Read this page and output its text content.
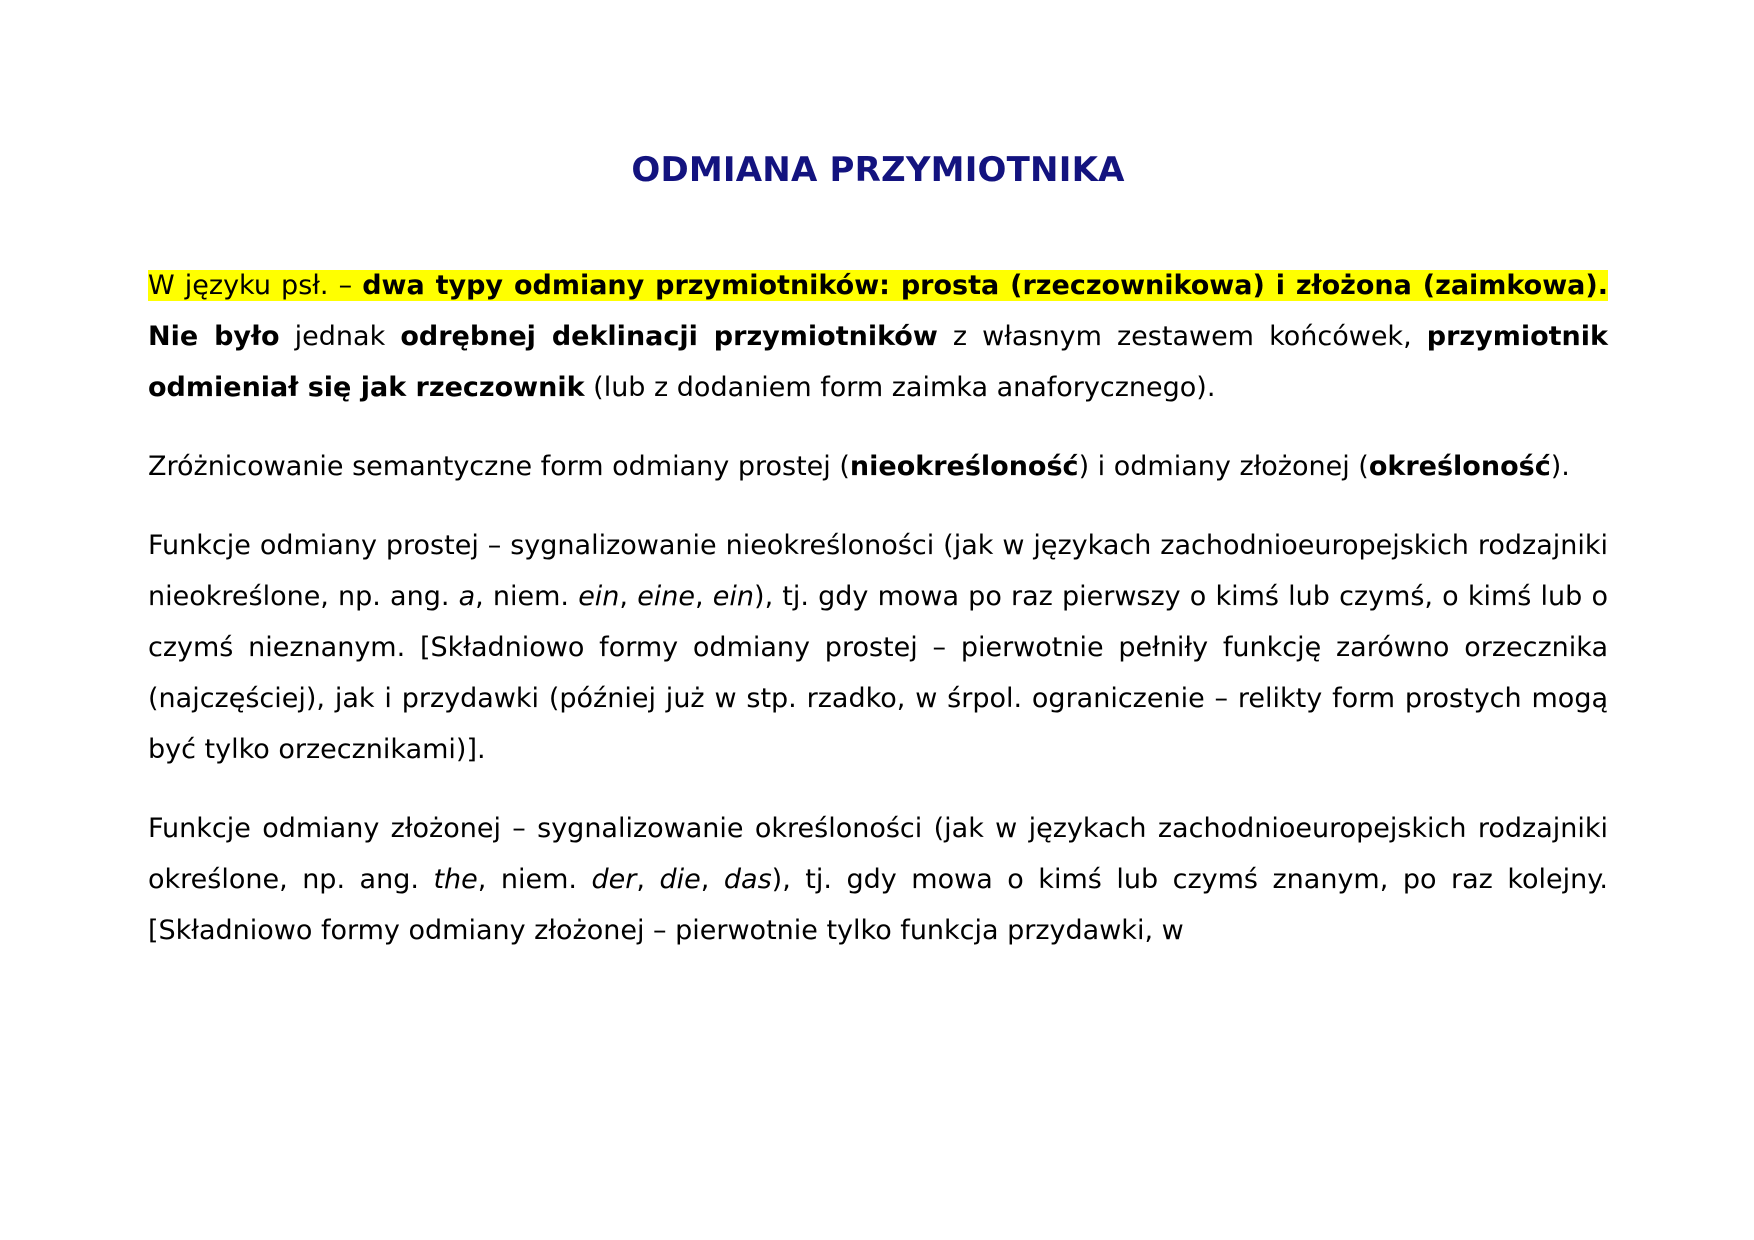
ODMIANA PRZYMIOTNIKA

W języku psł. – dwa typy odmiany przymiotników: prosta (rzeczownikowa) i złożona (zaimkowa). Nie było jednak odrębnej deklinacji przymiotników z własnym zestawem końcówek, przymiotnik odmieniał się jak rzeczownik (lub z dodaniem form zaimka anaforycznego).

Zróżnicowanie semantyczne form odmiany prostej (nieokreśloność) i odmiany złożonej (określoność).

Funkcje odmiany prostej – sygnalizowanie nieokreśloności (jak w językach zachodnioeuropejskich rodzajniki nieokreślone, np. ang. a, niem. ein, eine, ein), tj. gdy mowa po raz pierwszy o kimś lub czymś, o kimś lub o czymś nieznanym. [Składniowo formy odmiany prostej – pierwotnie pełniły funkcję zarówno orzecznika (najczęściej), jak i przydawki (później już w stp. rzadko, w śrpol. ograniczenie – relikty form prostych mogą być tylko orzecznikami)].

Funkcje odmiany złożonej – sygnalizowanie określoności (jak w językach zachodnioeuropejskich rodzajniki określone, np. ang. the, niem. der, die, das), tj. gdy mowa o kimś lub czymś znanym, po raz kolejny. [Składniowo formy odmiany złożonej – pierwotnie tylko funkcja przydawki, w
